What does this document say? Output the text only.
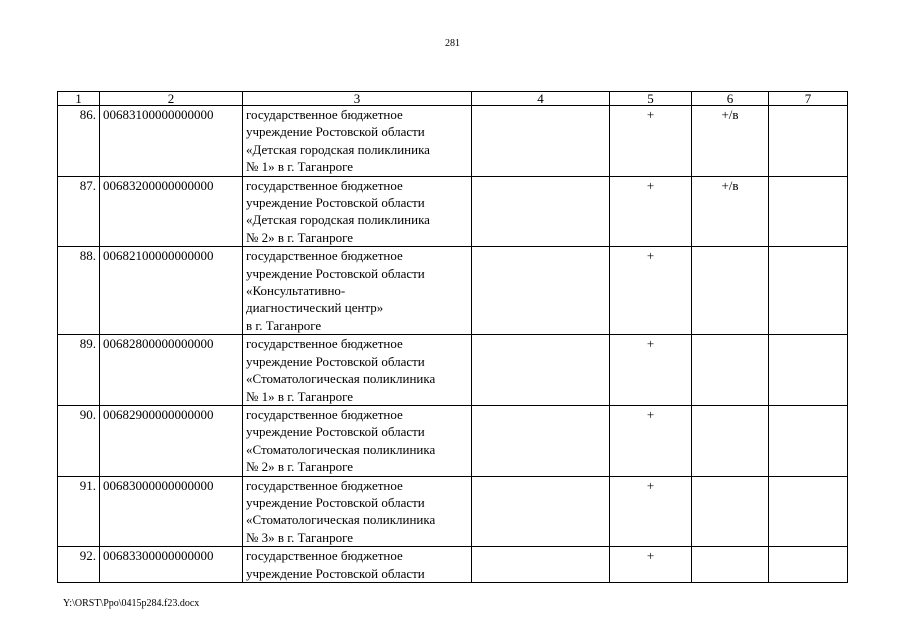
281
1	2	3	4	5	6	7
86.	00683100000000000	государственное бюджетное
учреждение Ростовской области
«Детская городская поликлиника
№ 1» в г. Таганроге		+	+/в	
87.	00683200000000000	государственное бюджетное
учреждение Ростовской области
«Детская городская поликлиника
№ 2» в г. Таганроге		+	+/в	
88.	00682100000000000	государственное бюджетное
учреждение Ростовской области
«Консультативно-
диагностический центр»
в г. Таганроге		+		
89.	00682800000000000	государственное бюджетное
учреждение Ростовской области
«Стоматологическая поликлиника
№ 1» в г. Таганроге		+		
90.	00682900000000000	государственное бюджетное
учреждение Ростовской области
«Стоматологическая поликлиника
№ 2» в г. Таганроге		+		
91.	00683000000000000	государственное бюджетное
учреждение Ростовской области
«Стоматологическая поликлиника
№ 3» в г. Таганроге		+		
92.	00683300000000000	государственное бюджетное
учреждение Ростовской области		+		
Y:\ORST\Ppo\0415p284.f23.docx
